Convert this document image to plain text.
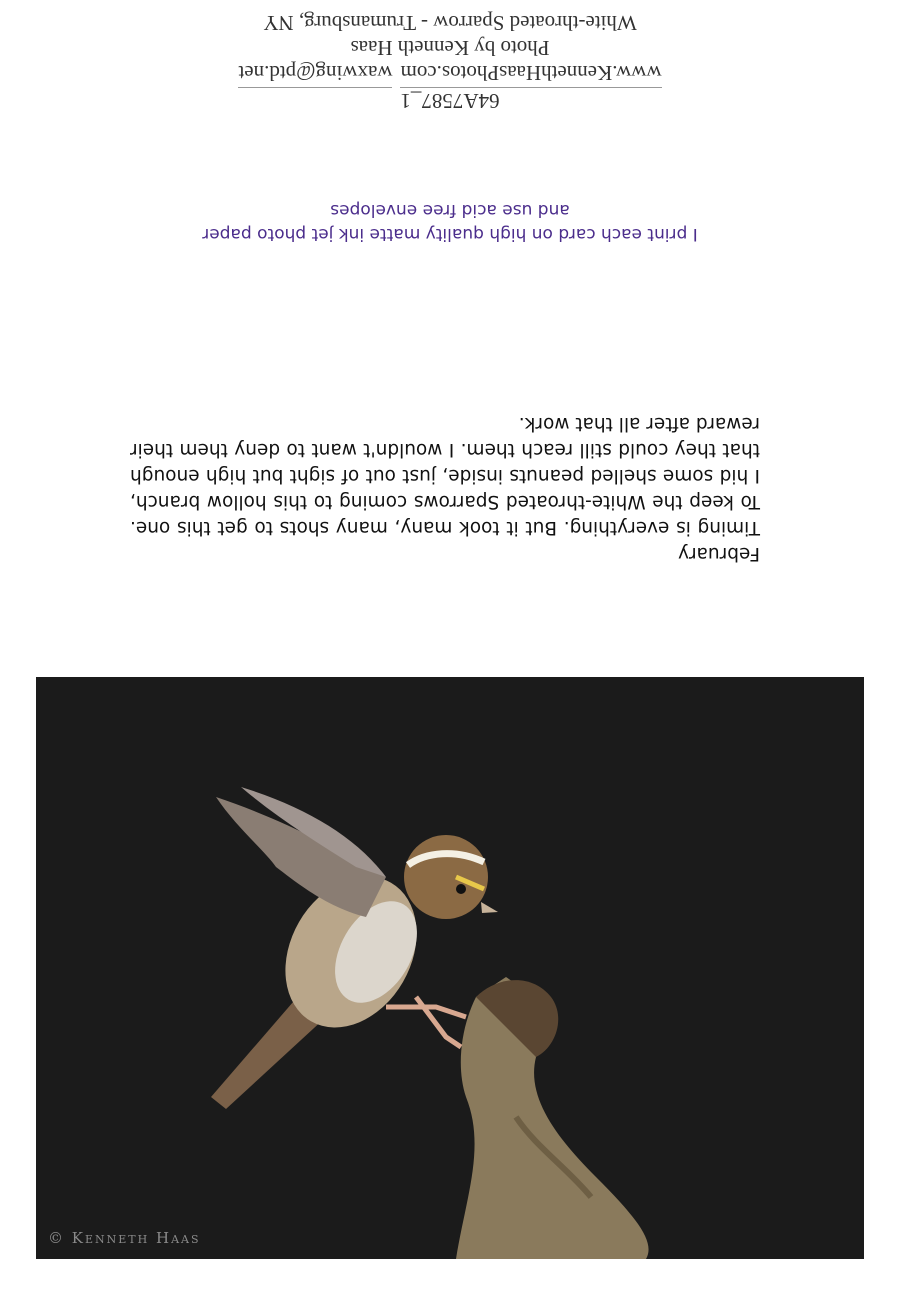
64A7587_1
www.KennethHaasPhotos.com
waxwing@ptd.net
Photo by Kenneth Haas
White-throated Sparrow - Trumansburg, NY
I print each card on high quality matte ink jet photo paper
and use acid free envelopes
February

Timing is everything. But it took many, many shots to get this one. To keep the White-throated Sparrows coming to this hollow branch, I hid some shelled peanuts inside, just out of sight but high enough that they could still reach them. I wouldn't want to deny them their reward after all that work.

© Kenneth Haas
